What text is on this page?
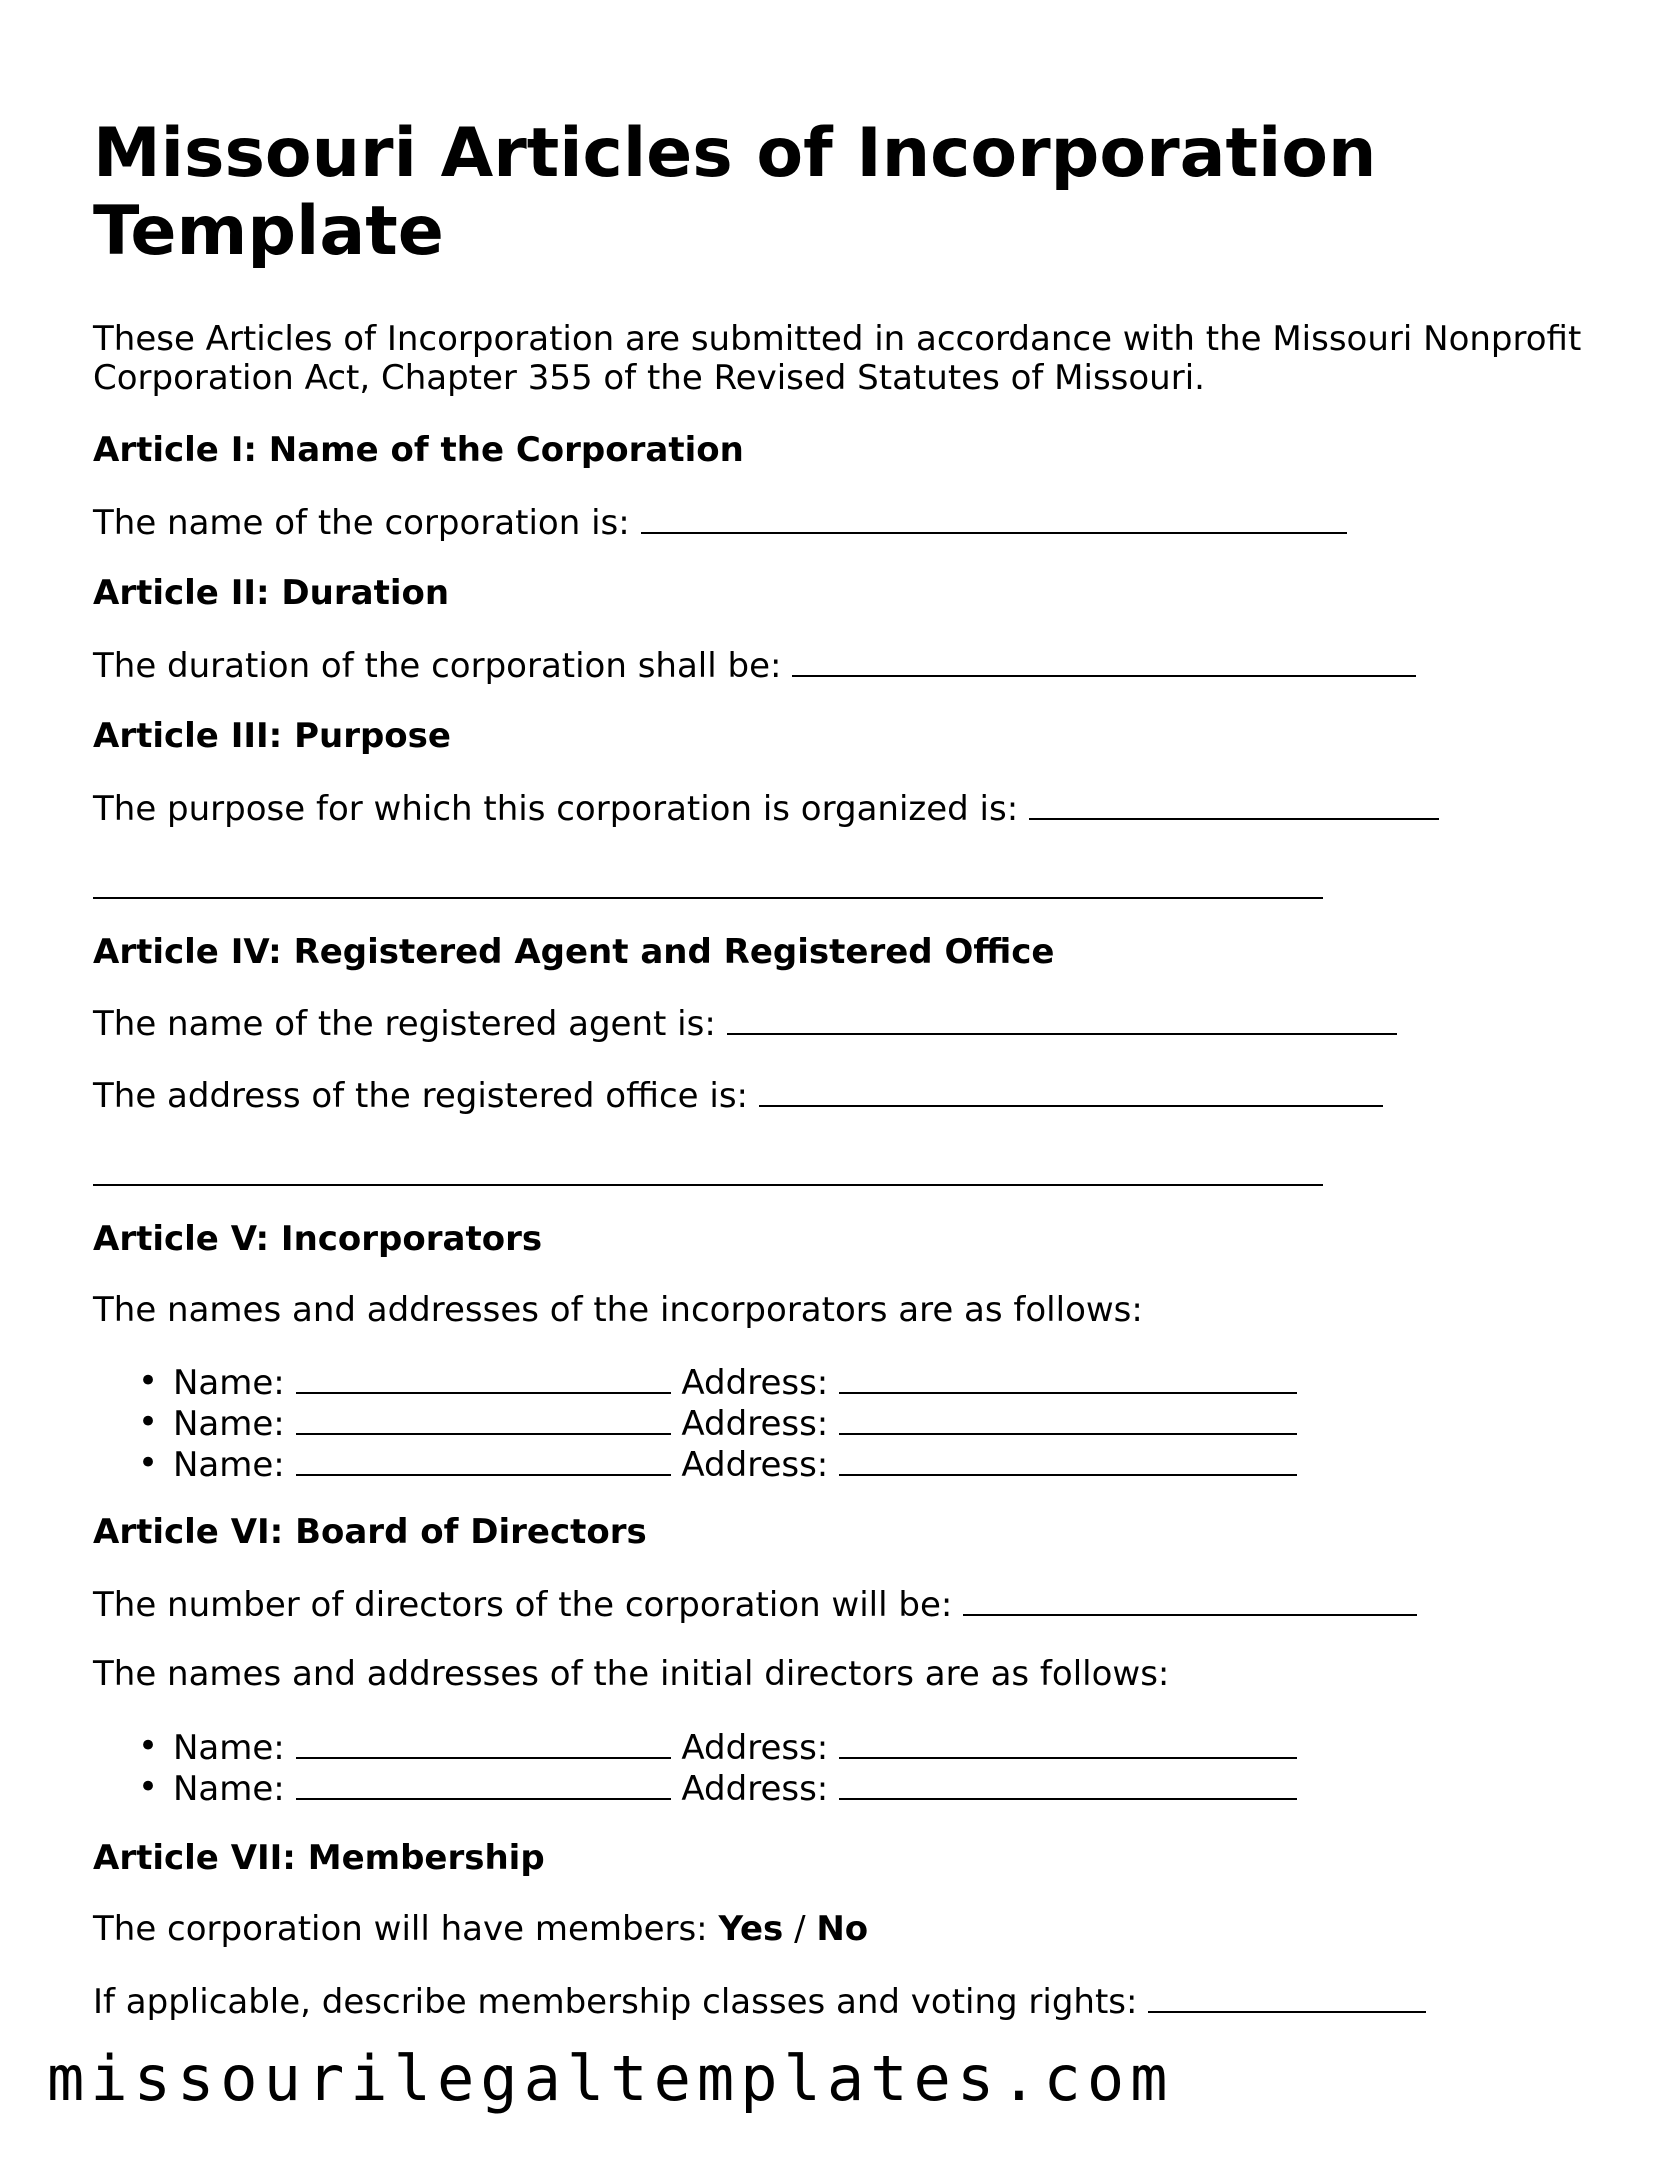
Missouri Articles of Incorporation Template

These Articles of Incorporation are submitted in accordance with the Missouri Nonprofit Corporation Act, Chapter 355 of the Revised Statutes of Missouri.

Article I: Name of the Corporation

The name of the corporation is:

Article II: Duration

The duration of the corporation shall be:

Article III: Purpose

The purpose for which this corporation is organized is:

Article IV: Registered Agent and Registered Office

The name of the registered agent is:

The address of the registered office is:

Article V: Incorporators

The names and addresses of the incorporators are as follows:

• Name:	Address:
• Name:	Address:
• Name:	Address:
Article VI: Board of Directors

The number of directors of the corporation will be:

The names and addresses of the initial directors are as follows:

• Name:	Address:
• Name:	Address:
Article VII: Membership

The corporation will have members: Yes / No

If applicable, describe membership classes and voting rights:

missourilegaltemplates.com
